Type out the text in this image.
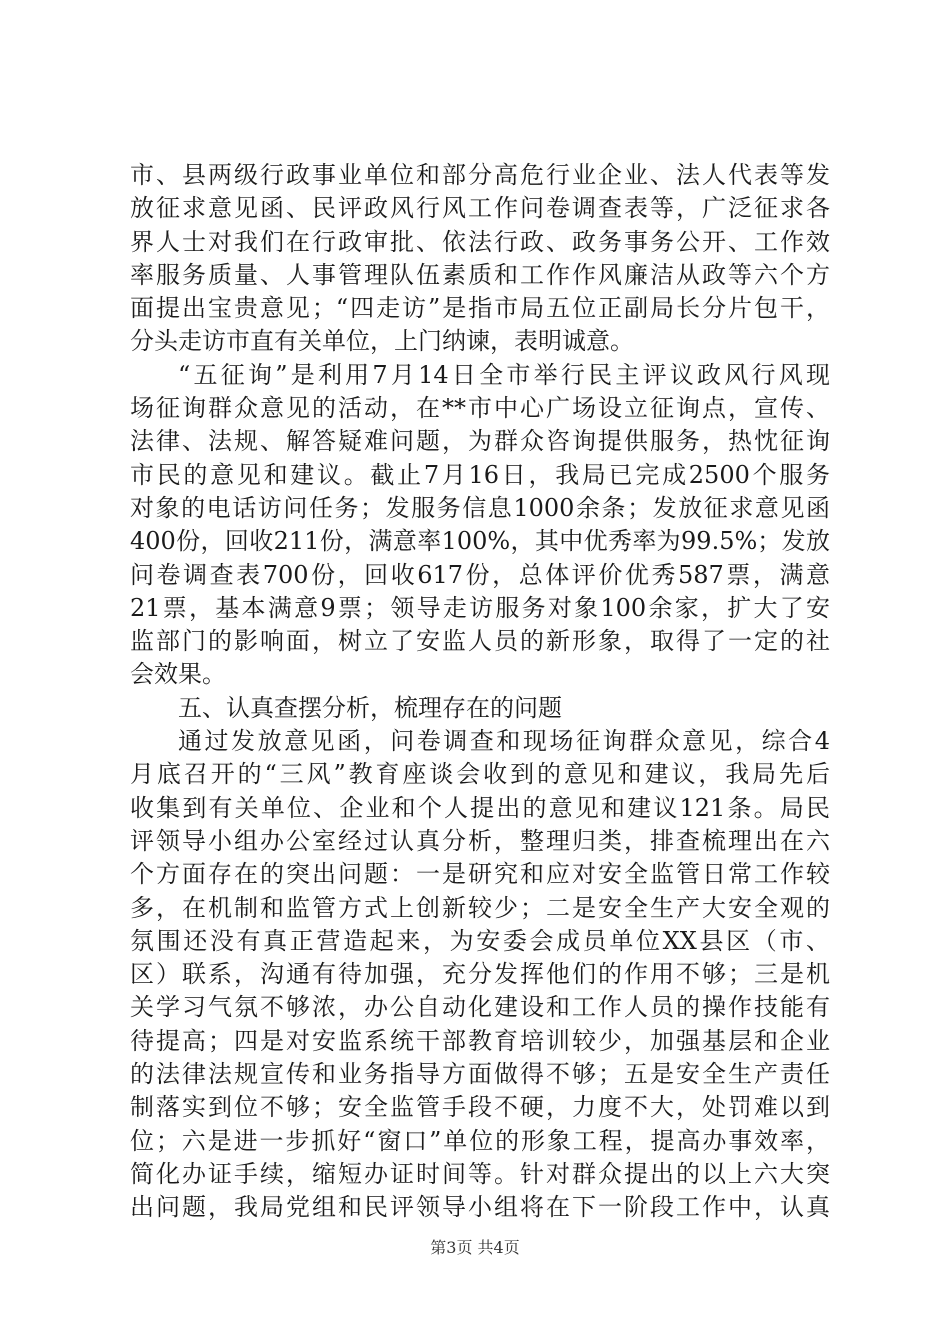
市、县两级行政事业单位和部分高危行业企业、法人代表等发
放征求意见函、民评政风行风工作问卷调查表等，广泛征求各
界人士对我们在行政审批、依法行政、政务事务公开、工作效
率服务质量、人事管理队伍素质和工作作风廉洁从政等六个方
面提出宝贵意见；“四走访”是指市局五位正副局长分片包干，
分头走访市直有关单位，上门纳谏，表明诚意。
“五征询”是利用7月14日全市举行民主评议政风行风现
场征询群众意见的活动，在**市中心广场设立征询点，宣传、
法律、法规、解答疑难问题，为群众咨询提供服务，热忱征询
市民的意见和建议。截止7月16日，我局已完成2500个服务
对象的电话访问任务；发服务信息1000余条；发放征求意见函
400份，回收211份，满意率100%，其中优秀率为99.5%；发放
问卷调查表700份，回收617份，总体评价优秀587票，满意
21票，基本满意9票；领导走访服务对象100余家，扩大了安
监部门的影响面，树立了安监人员的新形象，取得了一定的社
会效果。
五、认真查摆分析，梳理存在的问题
通过发放意见函，问卷调查和现场征询群众意见，综合4
月底召开的“三风”教育座谈会收到的意见和建议，我局先后
收集到有关单位、企业和个人提出的意见和建议121条。局民
评领导小组办公室经过认真分析，整理归类，排查梳理出在六
个方面存在的突出问题：一是研究和应对安全监管日常工作较
多，在机制和监管方式上创新较少；二是安全生产大安全观的
氛围还没有真正营造起来，为安委会成员单位XX县区（市、
区）联系，沟通有待加强，充分发挥他们的作用不够；三是机
关学习气氛不够浓，办公自动化建设和工作人员的操作技能有
待提高；四是对安监系统干部教育培训较少，加强基层和企业
的法律法规宣传和业务指导方面做得不够；五是安全生产责任
制落实到位不够；安全监管手段不硬，力度不大，处罚难以到
位；六是进一步抓好“窗口”单位的形象工程，提高办事效率，
简化办证手续，缩短办证时间等。针对群众提出的以上六大突
出问题，我局党组和民评领导小组将在下一阶段工作中，认真
第3页 共4页
